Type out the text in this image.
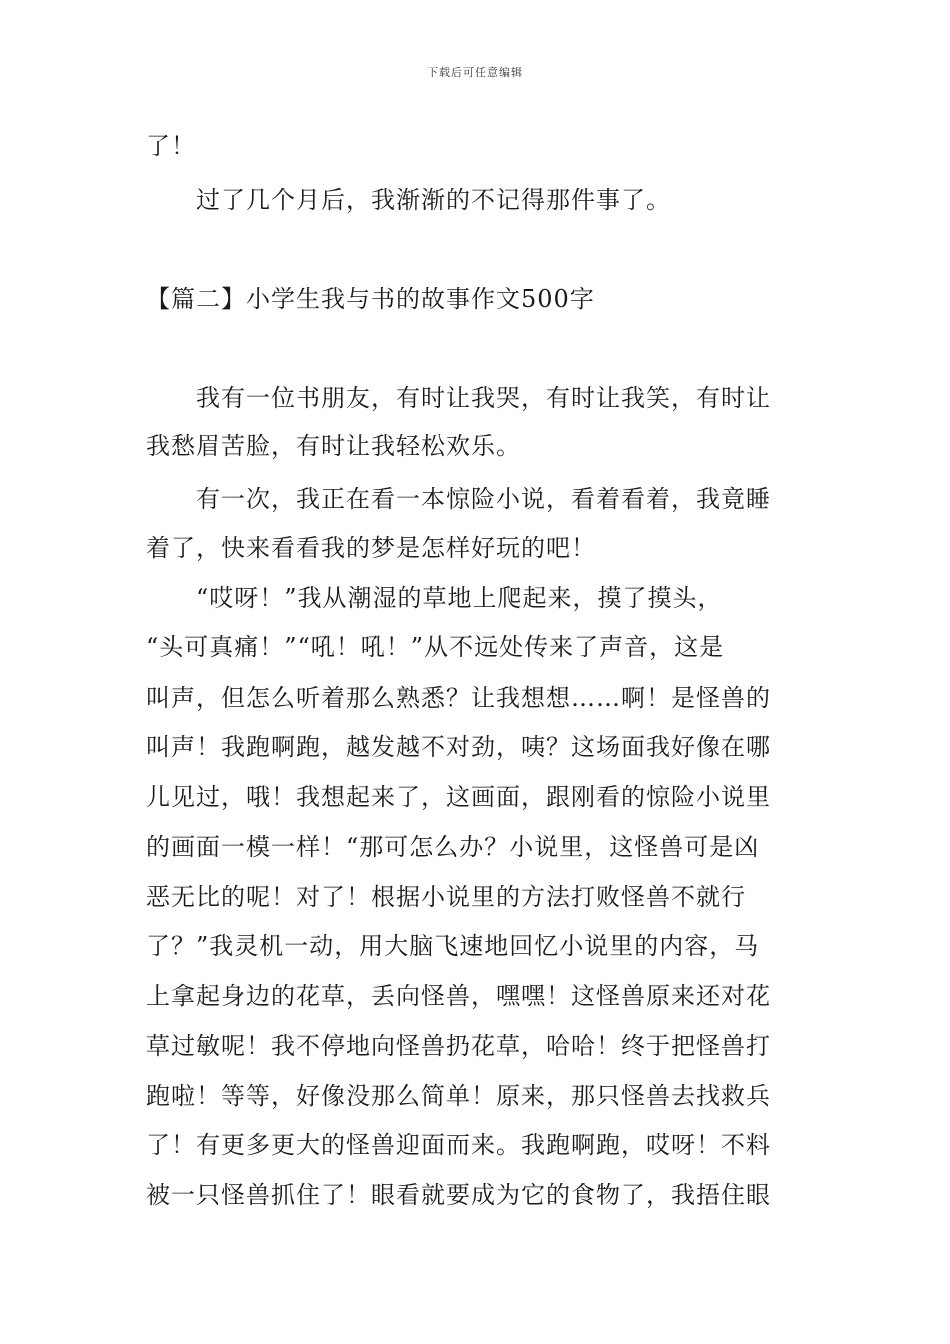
下载后可任意编辑
了！
过了几个月后，我渐渐的不记得那件事了。
【篇二】小学生我与书的故事作文500字
我有一位书朋友，有时让我哭，有时让我笑，有时让
我愁眉苦脸，有时让我轻松欢乐。
有一次，我正在看一本惊险小说，看着看着，我竟睡
着了，快来看看我的梦是怎样好玩的吧！
“哎呀！”我从潮湿的草地上爬起来，摸了摸头，
“头可真痛！”“吼！吼！”从不远处传来了声音，这是
叫声，但怎么听着那么熟悉？让我想想……啊！是怪兽的
叫声！我跑啊跑，越发越不对劲，咦？这场面我好像在哪
儿见过，哦！我想起来了，这画面，跟刚看的惊险小说里
的画面一模一样！“那可怎么办？小说里，这怪兽可是凶
恶无比的呢！对了！根据小说里的方法打败怪兽不就行
了？”我灵机一动，用大脑飞速地回忆小说里的内容，马
上拿起身边的花草，丢向怪兽，嘿嘿！这怪兽原来还对花
草过敏呢！我不停地向怪兽扔花草，哈哈！终于把怪兽打
跑啦！等等，好像没那么简单！原来，那只怪兽去找救兵
了！有更多更大的怪兽迎面而来。我跑啊跑，哎呀！不料
被一只怪兽抓住了！眼看就要成为它的食物了，我捂住眼
